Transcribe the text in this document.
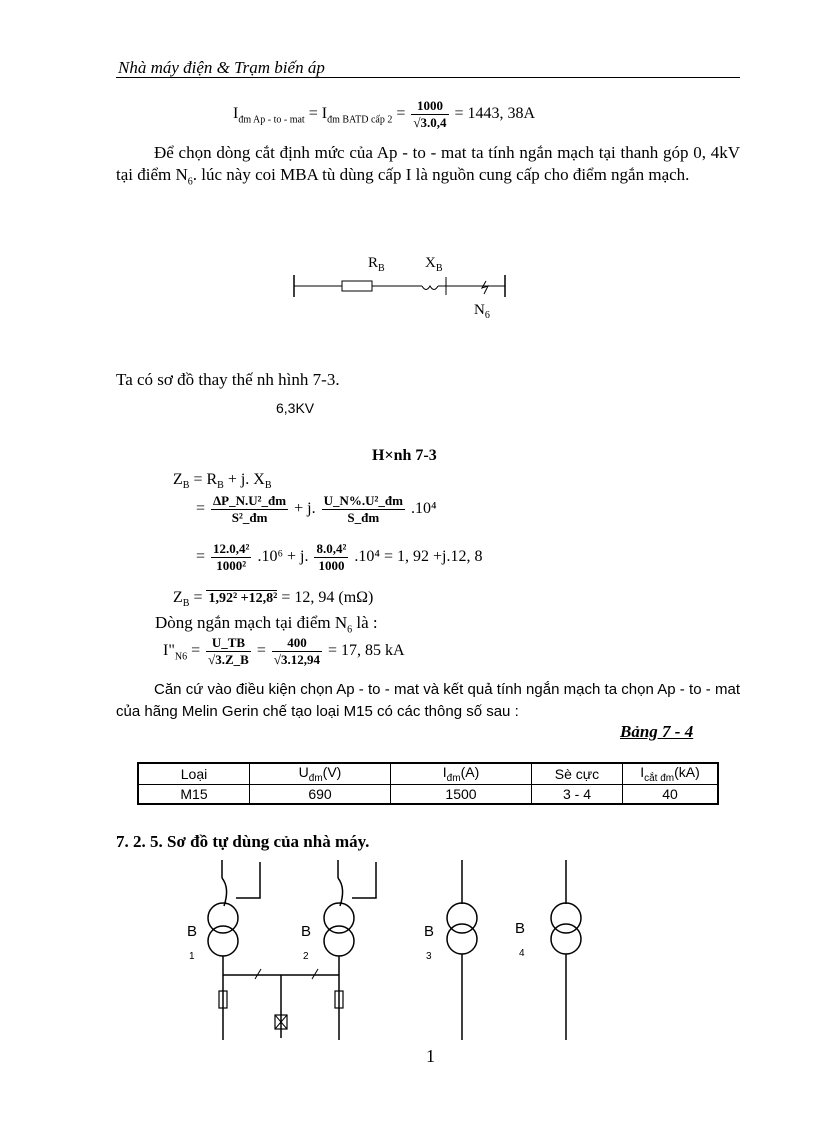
Nhà máy điện & Trạm biến áp
$I_{đm Ap - to - mat} = I_{đm BATD cấp 2} = \frac{1000}{√3.0,4} = 1443$, 38A
Để chọn dòng cắt định mức của Ap - to - mat ta tính ngắn mạch tại thanh góp 0, 4kV tại điểm $N_6$. lúc này coi MBA tù dùng cấp I là nguồn cung cấp cho điểm ngắn mạch.
$R_B$	$X_B$
$N_6$
Ta có sơ đồ thay thế nh hình 7-3.
6,3KV
H×nh 7-3
$Z_B = R_B + j$. $X_B$
= $\frac{\text{ΔP\_N.U²\_đm}}{\text{S²\_đm}} + j$. $\frac{\text{U\_N\%.U²\_đm}}{S\_đm} .10^4$
= $\frac{\text{12.0,4²}}{\text{1000²}} .10^6 + j$. $\frac{\text{8.0,4²}}{1000} .10^4 = 1$, 92 +j.12, 8
$Z_B = 1,92^2 +12,8^2 = 12$, 94 (mΩ)
Dòng ngắn mạch tại điểm $N_6$ là :
$I"_{N6} = \frac{U\_TB}{√3.Z\_B} = \frac{400}{√3.12,94} = 17$, 85 kA
Căn cứ vào điều kiện chọn Ap - to - mat và kết quả tính ngắn mạch ta chọn Ap - to - mat của hãng Melin Gerin chế tạo loại M15 có các thông số sau :
Bảng 7 - 4
Loại	$U_{đm}(V)$	$I_{đm}(A)$	Sè cực	$I_{cắt đm}(kA)$
M15	690	1500	3 - 4	40
7. 2. 5. Sơ đồ tự dùng của nhà máy.
B
1
B
2
B
3
B
4
1
